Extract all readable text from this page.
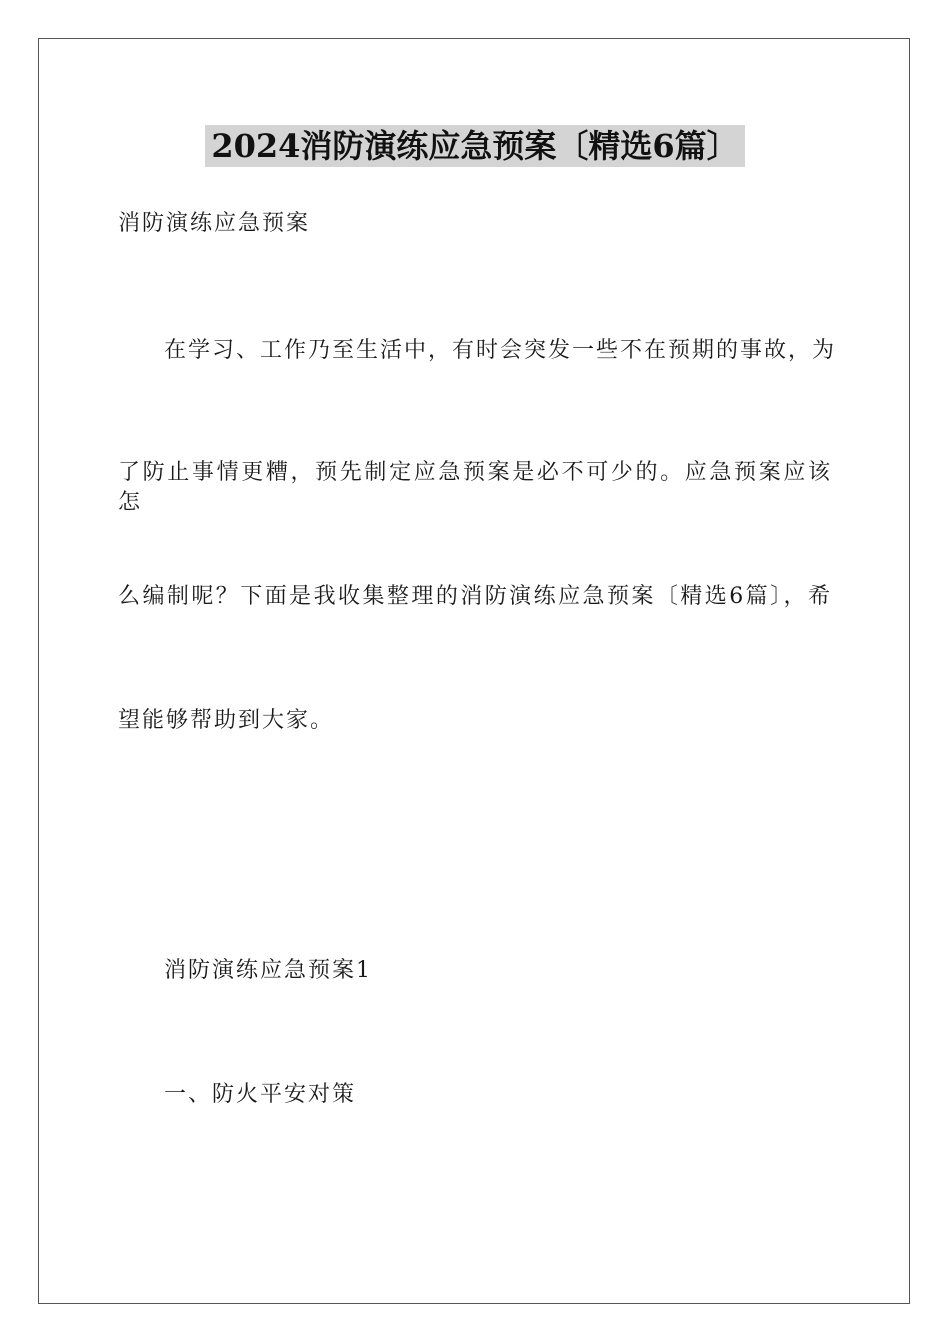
2024消防演练应急预案〔精选6篇〕
消防演练应急预案
在学习、工作乃至生活中，有时会突发一些不在预期的事故，为
了防止事情更糟，预先制定应急预案是必不可少的。应急预案应该怎
么编制呢？下面是我收集整理的消防演练应急预案〔精选6篇〕，希
望能够帮助到大家。
消防演练应急预案1
一、防火平安对策
